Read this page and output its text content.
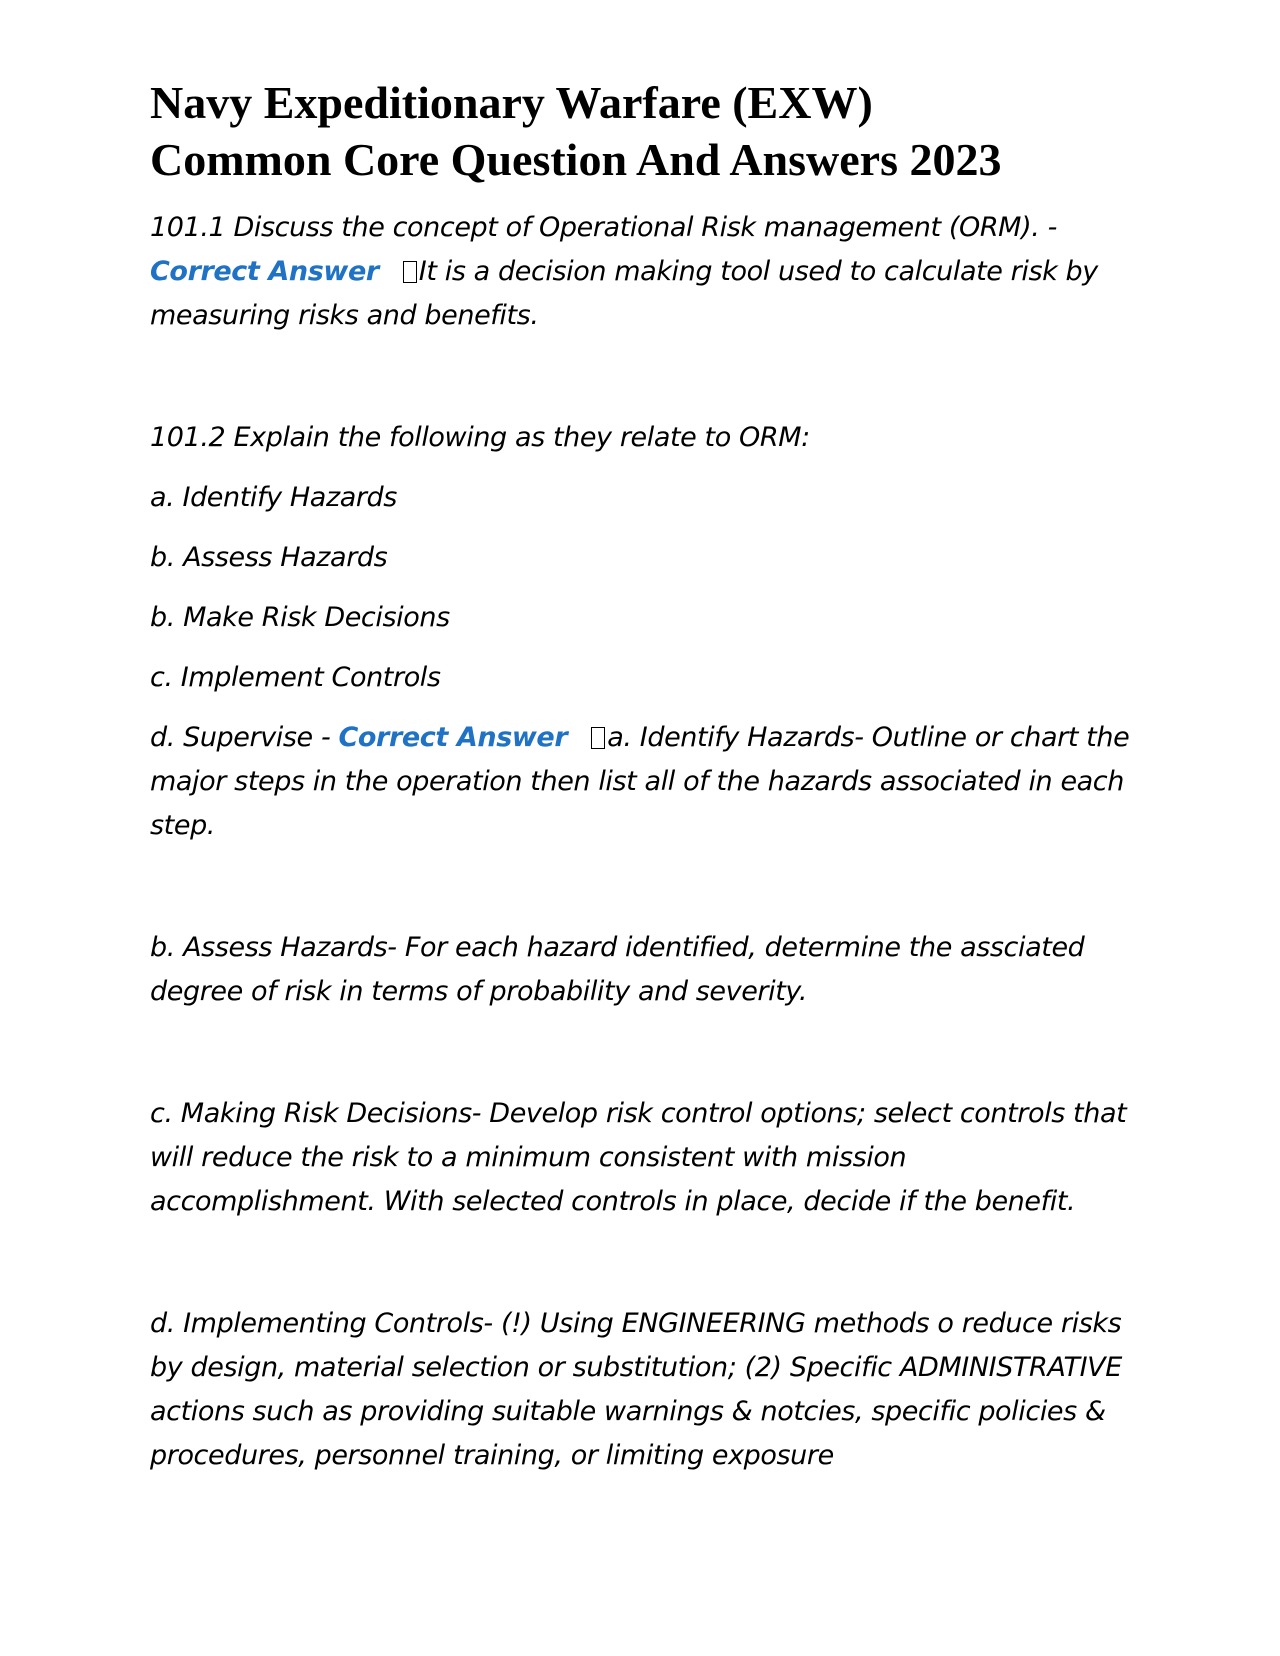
Navy Expeditionary Warfare (EXW)
Common Core Question And Answers 2023

101.1 Discuss the concept of Operational Risk management (ORM). - Correct Answer It is a decision making tool used to calculate risk by measuring risks and benefits.

101.2 Explain the following as they relate to ORM:

a. Identify Hazards

b. Assess Hazards

b. Make Risk Decisions

c. Implement Controls

d. Supervise - Correct Answer a. Identify Hazards- Outline or chart the major steps in the operation then list all of the hazards associated in each step.

b. Assess Hazards- For each hazard identified, determine the assciated degree of risk in terms of probability and severity.

c. Making Risk Decisions- Develop risk control options; select controls that will reduce the risk to a minimum consistent with mission accomplishment. With selected controls in place, decide if the benefit.

d. Implementing Controls- (!) Using ENGINEERING methods o reduce risks by design, material selection or substitution; (2) Specific ADMINISTRATIVE actions such as providing suitable warnings & notcies, specific policies & procedures, personnel training, or limiting exposure
